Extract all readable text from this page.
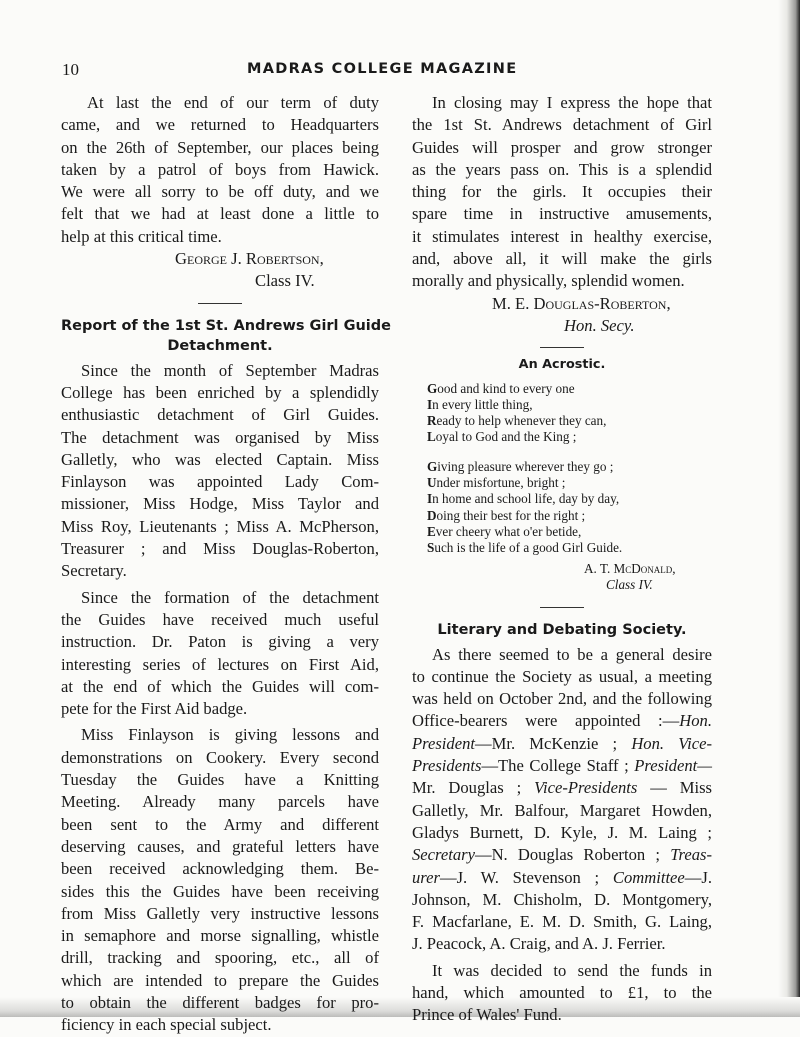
10	MADRAS COLLEGE MAGAZINE
At last the end of our term of duty
came, and we returned to Headquarters
on the 26th of September, our places being
taken by a patrol of boys from Hawick.
We were all sorry to be off duty, and we
felt that we had at least done a little to
help at this critical time.
George J. Robertson,
Class IV.
Report of the 1st St. Andrews Girl Guide
Detachment.
Since the month of September Madras
College has been enriched by a splendidly
enthusiastic detachment of Girl Guides.
The detachment was organised by Miss
Galletly, who was elected Captain. Miss
Finlayson was appointed Lady Com-
missioner, Miss Hodge, Miss Taylor and
Miss Roy, Lieutenants ; Miss A. McPherson,
Treasurer ; and Miss Douglas-Roberton,
Secretary.
Since the formation of the detachment
the Guides have received much useful
instruction. Dr. Paton is giving a very
interesting series of lectures on First Aid,
at the end of which the Guides will com-
pete for the First Aid badge.
Miss Finlayson is giving lessons and
demonstrations on Cookery. Every second
Tuesday the Guides have a Knitting
Meeting. Already many parcels have
been sent to the Army and different
deserving causes, and grateful letters have
been received acknowledging them. Be-
sides this the Guides have been receiving
from Miss Galletly very instructive lessons
in semaphore and morse signalling, whistle
drill, tracking and spooring, etc., all of
which are intended to prepare the Guides
to obtain the different badges for pro-
ficiency in each special subject.
In closing may I express the hope that
the 1st St. Andrews detachment of Girl
Guides will prosper and grow stronger
as the years pass on. This is a splendid
thing for the girls. It occupies their
spare time in instructive amusements,
it stimulates interest in healthy exercise,
and, above all, it will make the girls
morally and physically, splendid women.
M. E. Douglas-Roberton,
Hon. Secy.
An Acrostic.
Good and kind to every one
In every little thing,
Ready to help whenever they can,
Loyal to God and the King ;
Giving pleasure wherever they go ;
Under misfortune, bright ;
In home and school life, day by day,
Doing their best for the right ;
Ever cheery what o'er betide,
Such is the life of a good Girl Guide.
A. T. McDonald,
Class IV.
Literary and Debating Society.
As there seemed to be a general desire
to continue the Society as usual, a meeting
was held on October 2nd, and the following
Office-bearers were appointed :—Hon.
President—Mr. McKenzie ; Hon. Vice-
Presidents—The College Staff ; President—
Mr. Douglas ; Vice-Presidents — Miss
Galletly, Mr. Balfour, Margaret Howden,
Gladys Burnett, D. Kyle, J. M. Laing ;
Secretary—N. Douglas Roberton ; Treas-
urer—J. W. Stevenson ; Committee—J.
Johnson, M. Chisholm, D. Montgomery,
F. Macfarlane, E. M. D. Smith, G. Laing,
J. Peacock, A. Craig, and A. J. Ferrier.
It was decided to send the funds in
hand, which amounted to £1, to the
Prince of Wales' Fund.
